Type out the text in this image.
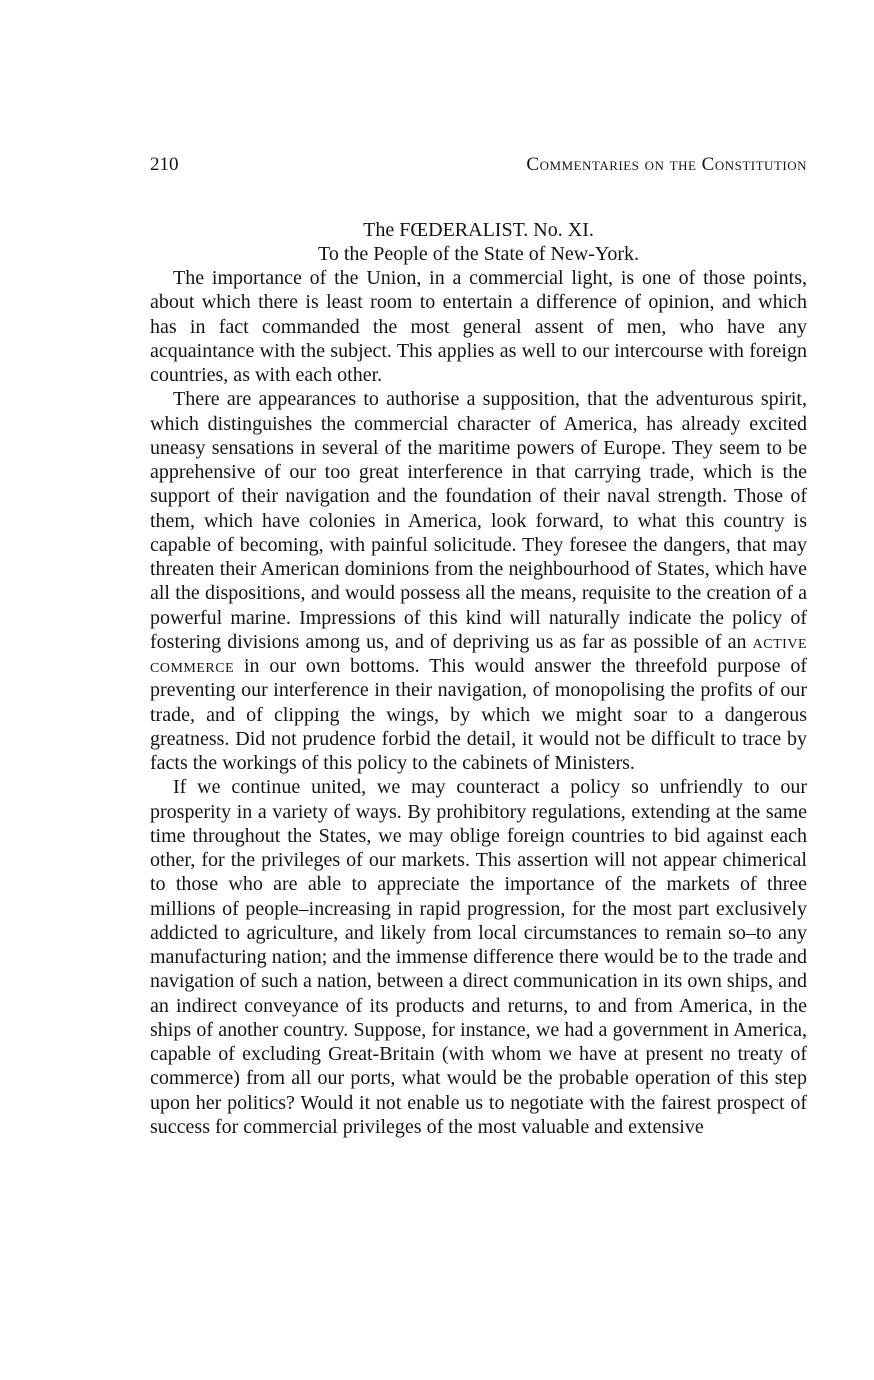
210	Commentaries on the Constitution
The FŒDERALIST. No. XI.
To the People of the State of New-York.

The importance of the Union, in a commercial light, is one of those points, about which there is least room to entertain a difference of opinion, and which has in fact commanded the most general assent of men, who have any acquaintance with the subject. This applies as well to our intercourse with foreign countries, as with each other.

There are appearances to authorise a supposition, that the adventurous spirit, which distinguishes the commercial character of America, has already excited uneasy sensations in several of the maritime powers of Europe. They seem to be apprehensive of our too great interference in that carrying trade, which is the support of their navigation and the foundation of their naval strength. Those of them, which have colonies in America, look forward, to what this country is capable of becoming, with painful solicitude. They foresee the dangers, that may threaten their American dominions from the neighbourhood of States, which have all the dispositions, and would possess all the means, requisite to the creation of a powerful marine. Impressions of this kind will naturally indicate the policy of fostering divisions among us, and of depriving us as far as possible of an active commerce in our own bottoms. This would answer the threefold purpose of preventing our interference in their navigation, of monopolising the profits of our trade, and of clipping the wings, by which we might soar to a dangerous greatness. Did not prudence forbid the detail, it would not be difficult to trace by facts the workings of this policy to the cabinets of Ministers.

If we continue united, we may counteract a policy so unfriendly to our prosperity in a variety of ways. By prohibitory regulations, extending at the same time throughout the States, we may oblige foreign countries to bid against each other, for the privileges of our markets. This assertion will not appear chimerical to those who are able to appreciate the importance of the markets of three millions of people–increasing in rapid progression, for the most part exclusively addicted to agriculture, and likely from local circumstances to remain so–to any manufacturing nation; and the immense difference there would be to the trade and navigation of such a nation, between a direct communication in its own ships, and an indirect conveyance of its products and returns, to and from America, in the ships of another country. Suppose, for instance, we had a government in America, capable of excluding Great-Britain (with whom we have at present no treaty of commerce) from all our ports, what would be the probable operation of this step upon her politics? Would it not enable us to negotiate with the fairest prospect of success for commercial privileges of the most valuable and extensive
